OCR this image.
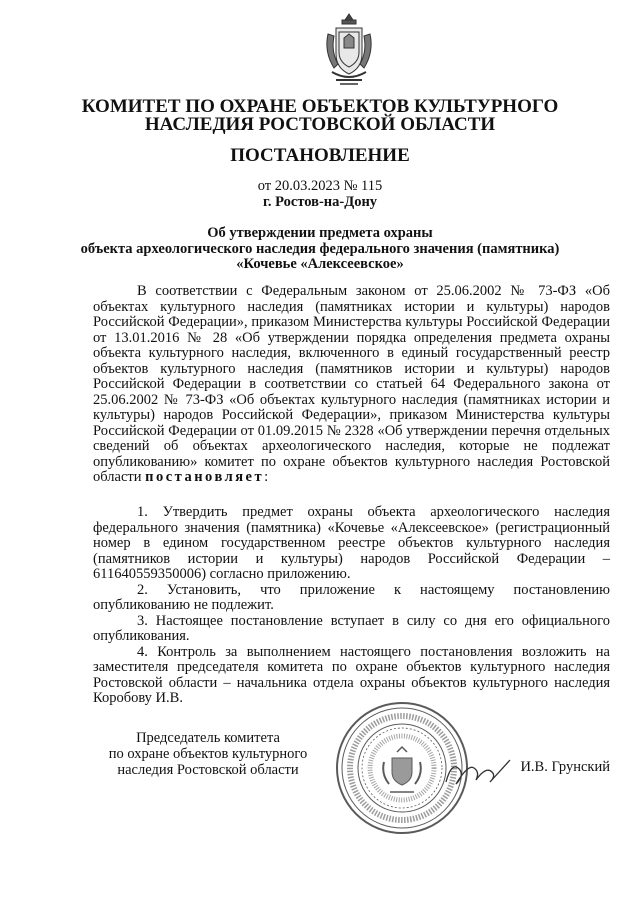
КОМИТЕТ ПО ОХРАНЕ ОБЪЕКТОВ КУЛЬТУРНОГО
НАСЛЕДИЯ РОСТОВСКОЙ ОБЛАСТИ
ПОСТАНОВЛЕНИЕ
от 20.03.2023 № 115
г. Ростов-на-Дону
Об утверждении предмета охраны
объекта археологического наследия федерального значения (памятника)
«Кочевье «Алексеевское»

В соответствии с Федеральным законом от 25.06.2002 № 73-ФЗ «Об объектах культурного наследия (памятниках истории и культуры) народов Российской Федерации», приказом Министерства культуры Российской Федерации от 13.01.2016 № 28 «Об утверждении порядка определения предмета охраны объекта культурного наследия, включенного в единый государственный реестр объектов культурного наследия (памятников истории и культуры) народов Российской Федерации в соответствии со статьей 64 Федерального закона от 25.06.2002 № 73-ФЗ «Об объектах культурного наследия (памятниках истории и культуры) народов Российской Федерации», приказом Министерства культуры Российской Федерации от 01.09.2015 № 2328 «Об утверждении перечня отдельных сведений об объектах археологического наследия, которые не подлежат опубликованию» комитет по охране объектов культурного наследия Ростовской области постановляет:

1. Утвердить предмет охраны объекта археологического наследия федерального значения (памятника) «Кочевье «Алексеевское» (регистрационный номер в едином государственном реестре объектов культурного наследия (памятников истории и культуры) народов Российской Федерации – 611640559350006) согласно приложению.

2. Установить, что приложение к настоящему постановлению опубликованию не подлежит.

3. Настоящее постановление вступает в силу со дня его официального опубликования.

4. Контроль за выполнением настоящего постановления возложить на заместителя председателя комитета по охране объектов культурного наследия Ростовской области – начальника отдела охраны объектов культурного наследия Коробову И.В.

Председатель комитета
по охране объектов культурного
наследия Ростовской области	И.В. Грунский
